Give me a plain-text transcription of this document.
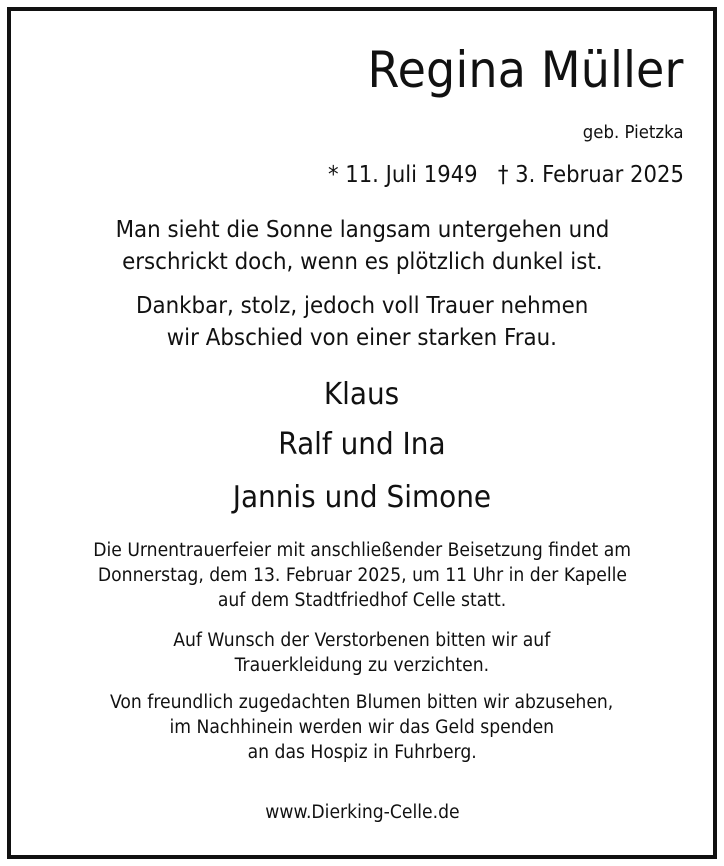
Regina Müller
geb. Pietzka
* 11. Juli 1949 † 3. Februar 2025
Man sieht die Sonne langsam untergehen und
erschrickt doch, wenn es plötzlich dunkel ist.
Dankbar, stolz, jedoch voll Trauer nehmen
wir Abschied von einer starken Frau.
Klaus
Ralf und Ina
Jannis und Simone
Die Urnentrauerfeier mit anschließender Beisetzung findet am
Donnerstag, dem 13. Februar 2025, um 11 Uhr in der Kapelle
auf dem Stadtfriedhof Celle statt.
Auf Wunsch der Verstorbenen bitten wir auf
Trauerkleidung zu verzichten.
Von freundlich zugedachten Blumen bitten wir abzusehen,
im Nachhinein werden wir das Geld spenden
an das Hospiz in Fuhrberg.
www.Dierking-Celle.de
